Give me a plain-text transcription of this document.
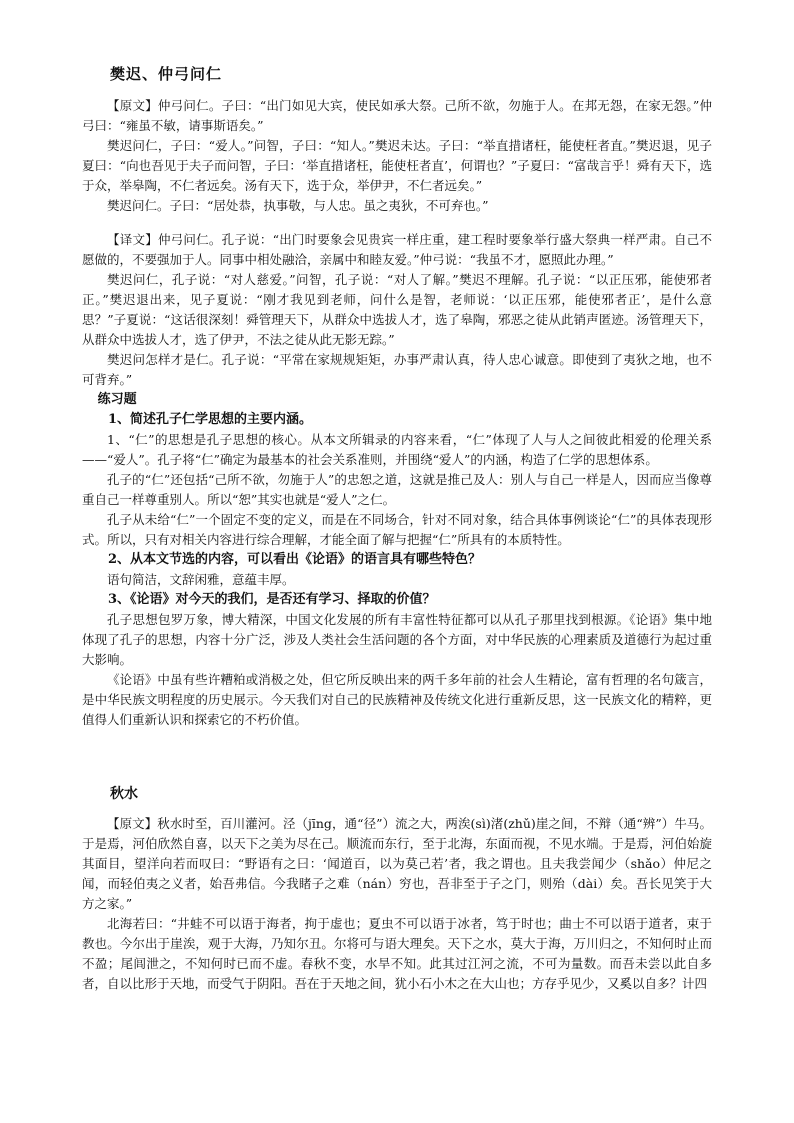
樊迟、仲弓问仁

【原文】仲弓问仁。子曰：“出门如见大宾，使民如承大祭。己所不欲，勿施于人。在邦无怨，在家无怨。”仲弓曰：“雍虽不敏，请事斯语矣。”

樊迟问仁，子曰：“爱人。”问智，子曰：“知人。”樊迟未达。子曰：“举直措诸枉，能使枉者直。”樊迟退，见子夏曰：“向也吾见于夫子而问智，子曰：‘举直措诸枉，能使枉者直’，何谓也？”子夏曰：“富哉言乎！舜有天下，选于众，举皋陶，不仁者远矣。汤有天下，选于众，举伊尹，不仁者远矣。”

樊迟问仁。子曰：“居处恭，执事敬，与人忠。虽之夷狄，不可弃也。”

【译文】仲弓问仁。孔子说：“出门时要象会见贵宾一样庄重，建工程时要象举行盛大祭典一样严肃。自己不愿做的，不要强加于人。同事中相处融洽，亲属中和睦友爱。”仲弓说：“我虽不才，愿照此办理。”

樊迟问仁，孔子说：“对人慈爱。”问智，孔子说：“对人了解。”樊迟不理解。孔子说：“以正压邪，能使邪者正。”樊迟退出来，见子夏说：“刚才我见到老师，问什么是智，老师说：‘以正压邪，能使邪者正’，是什么意思？”子夏说：“这话很深刻！舜管理天下，从群众中选拔人才，选了皋陶，邪恶之徒从此销声匿迹。汤管理天下，从群众中选拔人才，选了伊尹，不法之徒从此无影无踪。”

樊迟问怎样才是仁。孔子说：“平常在家规规矩矩，办事严肃认真，待人忠心诚意。即使到了夷狄之地，也不可背弃。”

练习题

1、简述孔子仁学思想的主要内涵。

1、“仁”的思想是孔子思想的核心。从本文所辑录的内容来看，“仁”体现了人与人之间彼此相爱的伦理关系——“爱人”。孔子将“仁”确定为最基本的社会关系准则，并围绕“爱人”的内涵，构造了仁学的思想体系。

孔子的“仁”还包括“己所不欲，勿施于人”的忠恕之道，这就是推己及人：别人与自己一样是人，因而应当像尊重自己一样尊重别人。所以“恕”其实也就是“爱人”之仁。

孔子从未给“仁”一个固定不变的定义，而是在不同场合，针对不同对象，结合具体事例谈论“仁”的具体表现形式。所以，只有对相关内容进行综合理解，才能全面了解与把握“仁”所具有的本质特性。

2、从本文节选的内容，可以看出《论语》的语言具有哪些特色？

语句简洁，文辞闲雅，意蕴丰厚。

3、《论语》对今天的我们，是否还有学习、择取的价值？

孔子思想包罗万象，博大精深，中国文化发展的所有丰富性特征都可以从孔子那里找到根源。《论语》集中地体现了孔子的思想，内容十分广泛，涉及人类社会生活问题的各个方面，对中华民族的心理素质及道德行为起过重大影响。

《论语》中虽有些许糟粕或消极之处，但它所反映出来的两千多年前的社会人生精论，富有哲理的名句箴言，是中华民族文明程度的历史展示。今天我们对自己的民族精神及传统文化进行重新反思，这一民族文化的精粹，更值得人们重新认识和探索它的不朽价值。

秋水

【原文】秋水时至，百川灌河。泾（jīng，通“径”）流之大，两涘(sì)渚(zhǔ)崖之间，不辩（通“辨”）牛马。于是焉，河伯欣然自喜，以天下之美为尽在己。顺流而东行，至于北海，东面而视，不见水端。于是焉，河伯始旋其面目，望洋向若而叹曰：“野语有之曰：‘闻道百，以为莫己若’者，我之谓也。且夫我尝闻少（shǎo）仲尼之闻，而轻伯夷之义者，始吾弗信。今我睹子之难（nán）穷也，吾非至于子之门，则殆（dài）矣。吾长见笑于大方之家。”

北海若曰：“井蛙不可以语于海者，拘于虚也；夏虫不可以语于冰者，笃于时也；曲士不可以语于道者，束于教也。今尔出于崖涘，观于大海，乃知尔丑。尔将可与语大理矣。天下之水，莫大于海，万川归之，不知何时止而不盈；尾闾泄之，不知何时已而不虚。春秋不变，水旱不知。此其过江河之流，不可为量数。而吾未尝以此自多者，自以比形于天地，而受气于阴阳。吾在于天地之间，犹小石小木之在大山也；方存乎见少，又奚以自多？计四
